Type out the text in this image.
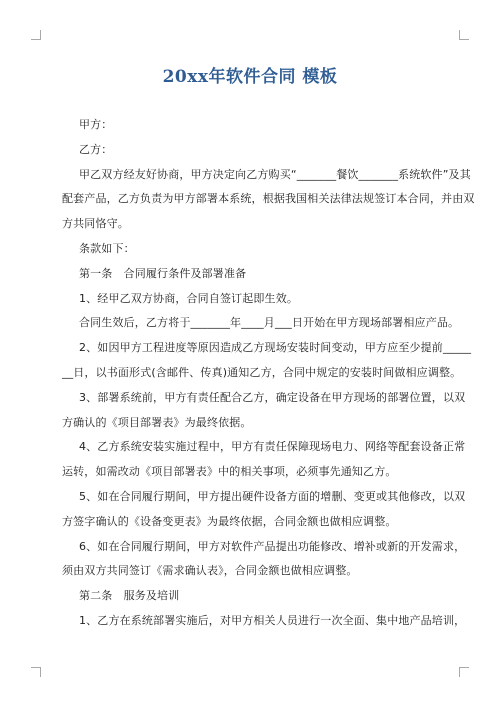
20xx年软件合同 模板

甲方：

乙方：

甲乙双方经友好协商，甲方决定向乙方购买“_______餐饮_______系统软件”及其

配套产品，乙方负责为甲方部署本系统，根据我国相关法律法规签订本合同，并由双

方共同恪守。

条款如下：

第一条　合同履行条件及部署准备

1、经甲乙双方协商，合同自签订起即生效。

合同生效后，乙方将于_______年____月___日开始在甲方现场部署相应产品。

2、如因甲方工程进度等原因造成乙方现场安装时间变动，甲方应至少提前_____

__日，以书面形式(含邮件、传真)通知乙方，合同中规定的安装时间做相应调整。

3、部署系统前，甲方有责任配合乙方，确定设备在甲方现场的部署位置，以双

方确认的《项目部署表》为最终依据。

4、乙方系统安装实施过程中，甲方有责任保障现场电力、网络等配套设备正常

运转，如需改动《项目部署表》中的相关事项，必须事先通知乙方。

5、如在合同履行期间，甲方提出硬件设备方面的增删、变更或其他修改，以双

方签字确认的《设备变更表》为最终依据，合同金额也做相应调整。

6、如在合同履行期间，甲方对软件产品提出功能修改、增补或新的开发需求，

须由双方共同签订《需求确认表》，合同金额也做相应调整。

第二条　服务及培训

1、乙方在系统部署实施后，对甲方相关人员进行一次全面、集中地产品培训，
